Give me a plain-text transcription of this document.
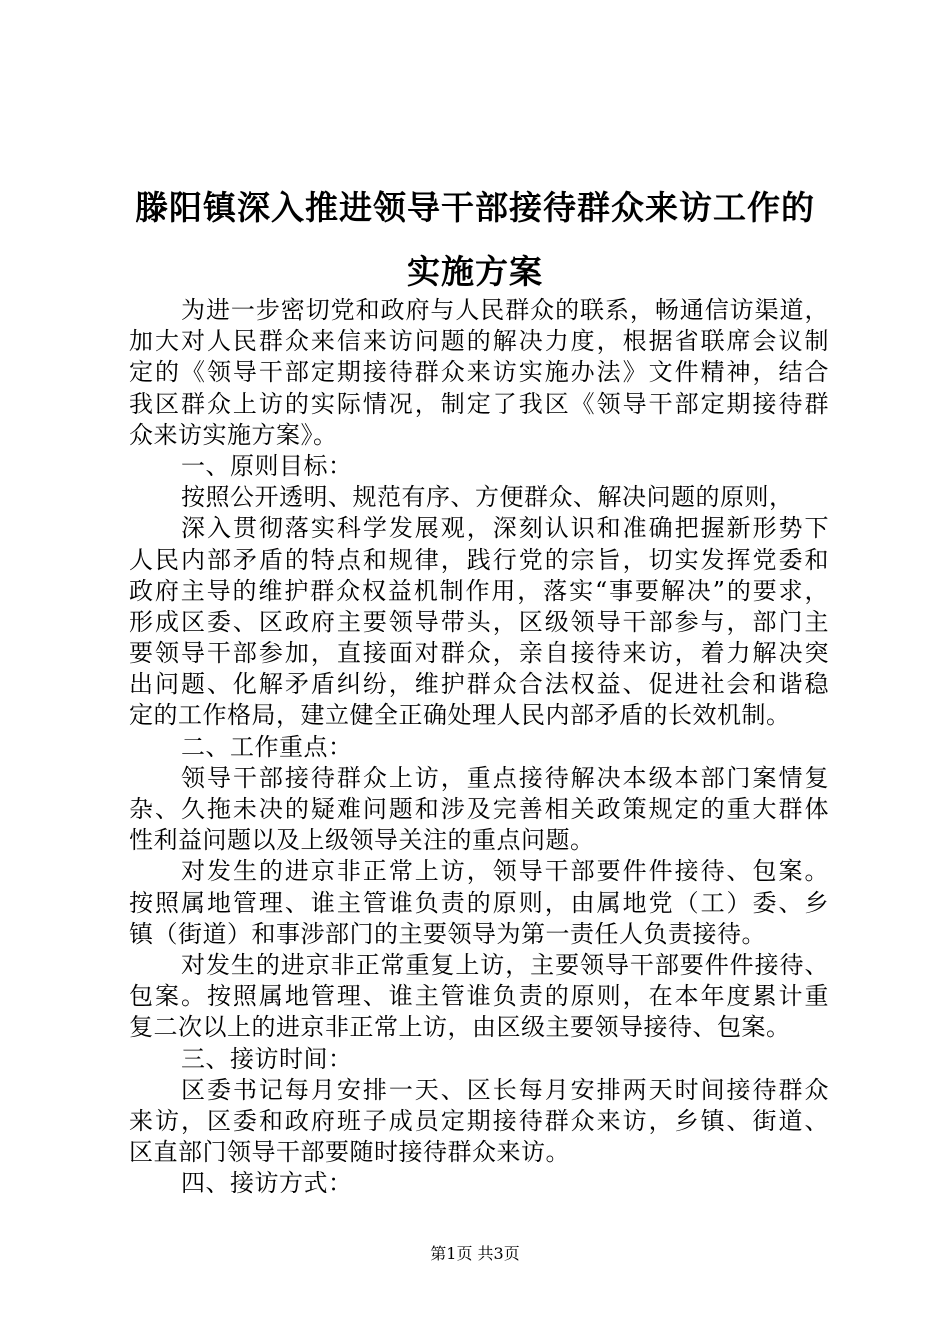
滕阳镇深入推进领导干部接待群众来访工作的
实施方案
为进一步密切党和政府与人民群众的联系，畅通信访渠道，
加大对人民群众来信来访问题的解决力度，根据省联席会议制
定的《领导干部定期接待群众来访实施办法》文件精神，结合
我区群众上访的实际情况，制定了我区《领导干部定期接待群
众来访实施方案》。
一、原则目标：
按照公开透明、规范有序、方便群众、解决问题的原则，
深入贯彻落实科学发展观，深刻认识和准确把握新形势下
人民内部矛盾的特点和规律，践行党的宗旨，切实发挥党委和
政府主导的维护群众权益机制作用，落实“事要解决”的要求，
形成区委、区政府主要领导带头，区级领导干部参与，部门主
要领导干部参加，直接面对群众，亲自接待来访，着力解决突
出问题、化解矛盾纠纷，维护群众合法权益、促进社会和谐稳
定的工作格局，建立健全正确处理人民内部矛盾的长效机制。
二、工作重点：
领导干部接待群众上访，重点接待解决本级本部门案情复
杂、久拖未决的疑难问题和涉及完善相关政策规定的重大群体
性利益问题以及上级领导关注的重点问题。
对发生的进京非正常上访，领导干部要件件接待、包案。
按照属地管理、谁主管谁负责的原则，由属地党（工）委、乡
镇（街道）和事涉部门的主要领导为第一责任人负责接待。
对发生的进京非正常重复上访，主要领导干部要件件接待、
包案。按照属地管理、谁主管谁负责的原则，在本年度累计重
复二次以上的进京非正常上访，由区级主要领导接待、包案。
三、接访时间：
区委书记每月安排一天、区长每月安排两天时间接待群众
来访，区委和政府班子成员定期接待群众来访，乡镇、街道、
区直部门领导干部要随时接待群众来访。
四、接访方式：
第1页 共3页
